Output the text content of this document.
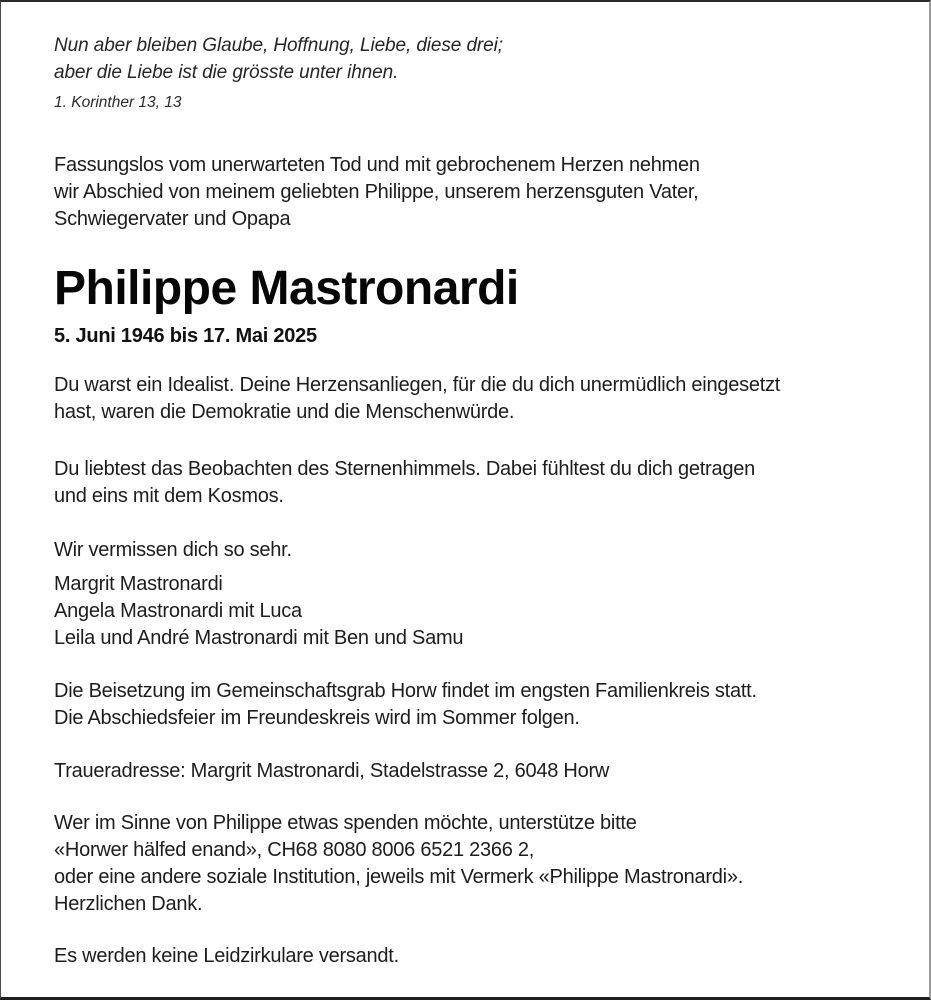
Nun aber bleiben Glaube, Hoffnung, Liebe, diese drei;
aber die Liebe ist die grösste unter ihnen.
1. Korinther 13, 13
Fassungslos vom unerwarteten Tod und mit gebrochenem Herzen nehmen
wir Abschied von meinem geliebten Philippe, unserem herzensguten Vater,
Schwiegervater und Opapa
Philippe Mastronardi
5. Juni 1946 bis 17. Mai 2025
Du warst ein Idealist. Deine Herzensanliegen, für die du dich unermüdlich eingesetzt
hast, waren die Demokratie und die Menschenwürde.
Du liebtest das Beobachten des Sternenhimmels. Dabei fühltest du dich getragen
und eins mit dem Kosmos.
Wir vermissen dich so sehr.
Margrit Mastronardi
Angela Mastronardi mit Luca
Leila und André Mastronardi mit Ben und Samu
Die Beisetzung im Gemeinschaftsgrab Horw findet im engsten Familienkreis statt.
Die Abschiedsfeier im Freundeskreis wird im Sommer folgen.
Traueradresse: Margrit Mastronardi, Stadelstrasse 2, 6048 Horw
Wer im Sinne von Philippe etwas spenden möchte, unterstütze bitte
«Horwer hälfed enand», CH68 8080 8006 6521 2366 2,
oder eine andere soziale Institution, jeweils mit Vermerk «Philippe Mastronardi».
Herzlichen Dank.
Es werden keine Leidzirkulare versandt.
